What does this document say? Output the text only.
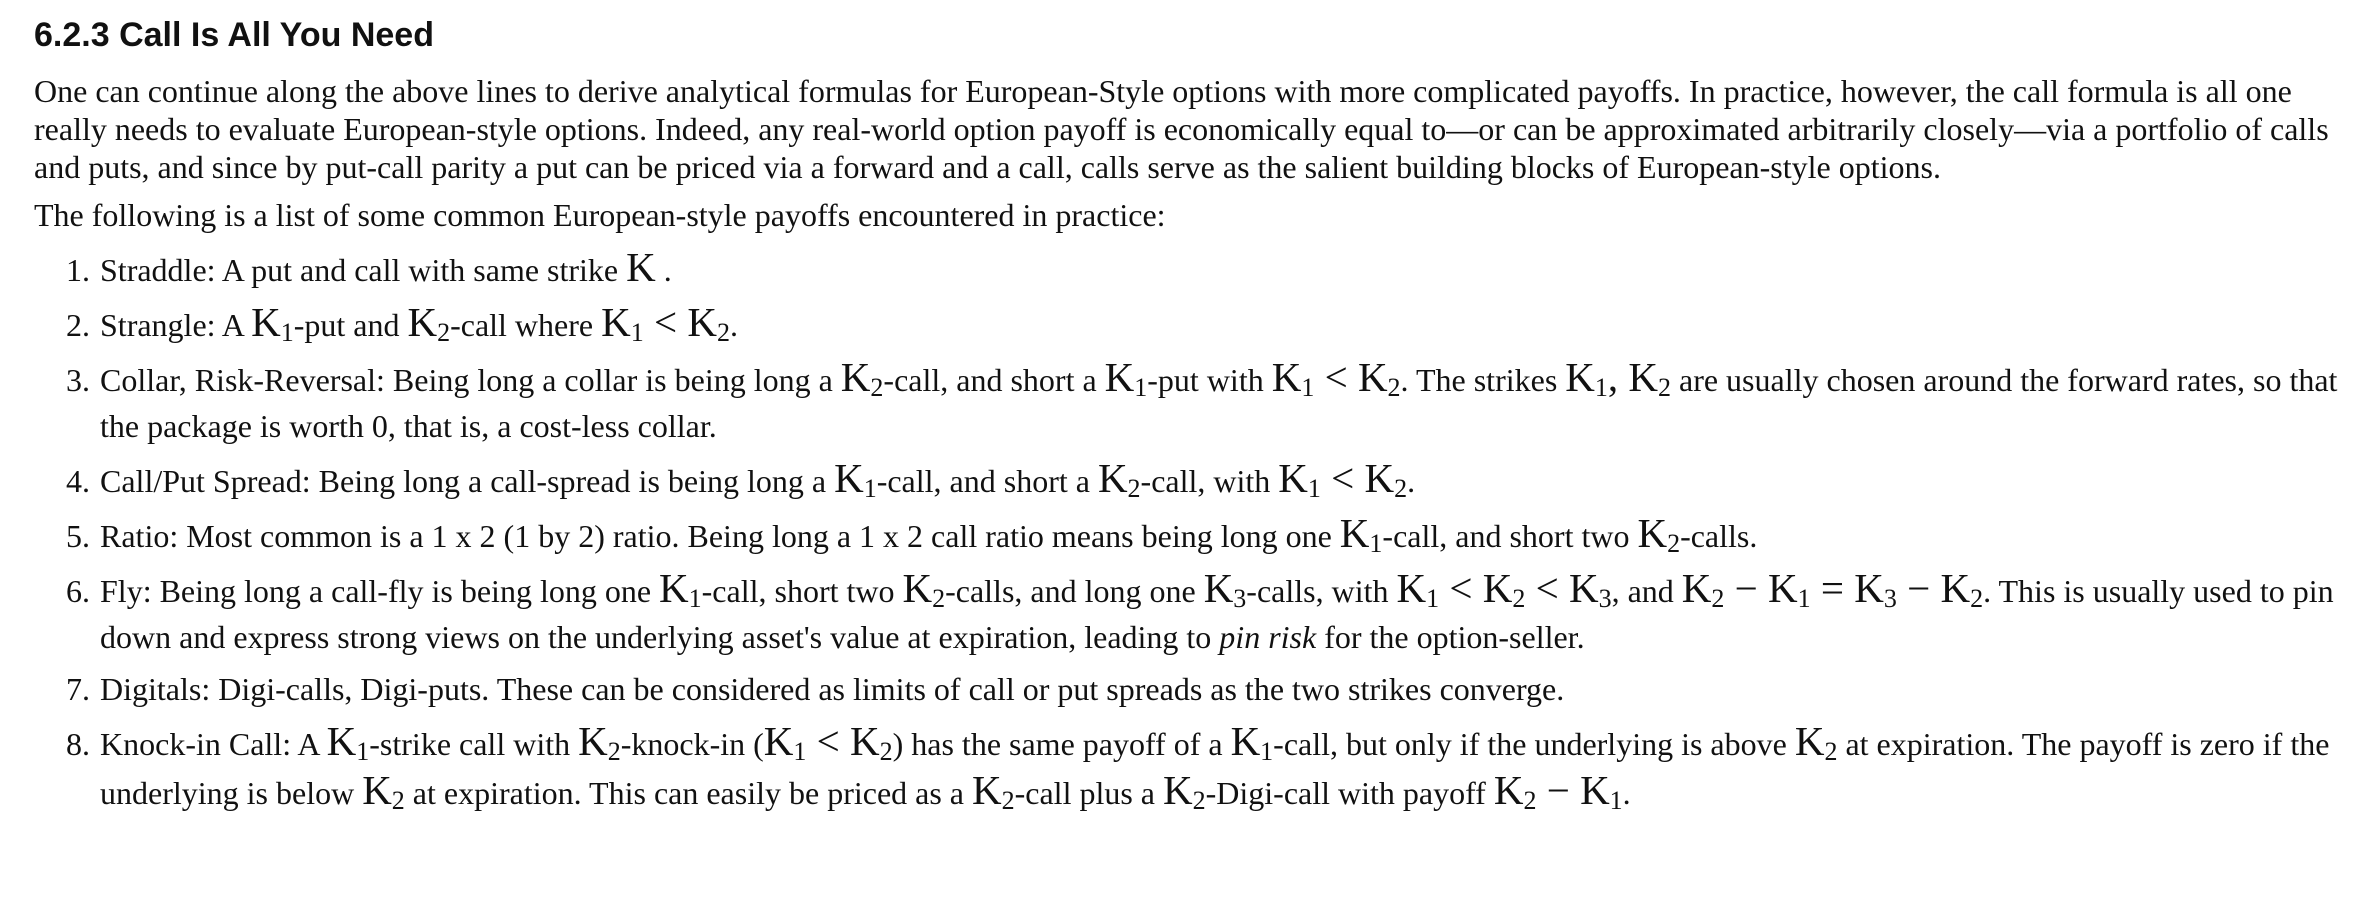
6.2.3 Call Is All You Need

One can continue along the above lines to derive analytical formulas for European-Style options with more complicated payoffs. In practice, however, the call formula is all one really needs to evaluate European-style options. Indeed, any real-world option payoff is economically equal to—or can be approximated arbitrarily closely—via a portfolio of calls and puts, and since by put-call parity a put can be priced via a forward and a call, calls serve as the salient building blocks of European-style options.

The following is a list of some common European-style payoffs encountered in practice:

1. Straddle: A put and call with same strike K .
2. Strangle: A $K_1$-put and $K_2$-call where $K_1 < K_2$.
3. Collar, Risk-Reversal: Being long a collar is being long a $K_2$-call, and short a $K_1$-put with $K_1 < K_2$. The strikes $K_1$, $K_2$ are usually chosen around the forward rates, so that the package is worth 0, that is, a cost-less collar.
4. Call/Put Spread: Being long a call-spread is being long a $K_1$-call, and short a $K_2$-call, with $K_1 < K_2$.
5. Ratio: Most common is a 1 x 2 (1 by 2) ratio. Being long a 1 x 2 call ratio means being long one $K_1$-call, and short two $K_2$-calls.
6. Fly: Being long a call-fly is being long one $K_1$-call, short two $K_2$-calls, and long one $K_3$-calls, with $K_1 < K_2 < K_3$, and $K_2 - K_1 = K_3 - K_2$. This is usually used to pin down and express strong views on the underlying asset's value at expiration, leading to pin risk for the option-seller.
7. Digitals: Digi-calls, Digi-puts. These can be considered as limits of call or put spreads as the two strikes converge.
8. Knock-in Call: A $K_1$-strike call with $K_2-knock-in$ $(K_1 < K_2)$ has the same payoff of a $K_1$-call, but only if the underlying is above $K_2$ at expiration. The payoff is zero if the underlying is below $K_2$ at expiration. This can easily be priced as a $K_2$-call plus a $K_2-Digi$-call with payoff $K_2 - K_1$.
